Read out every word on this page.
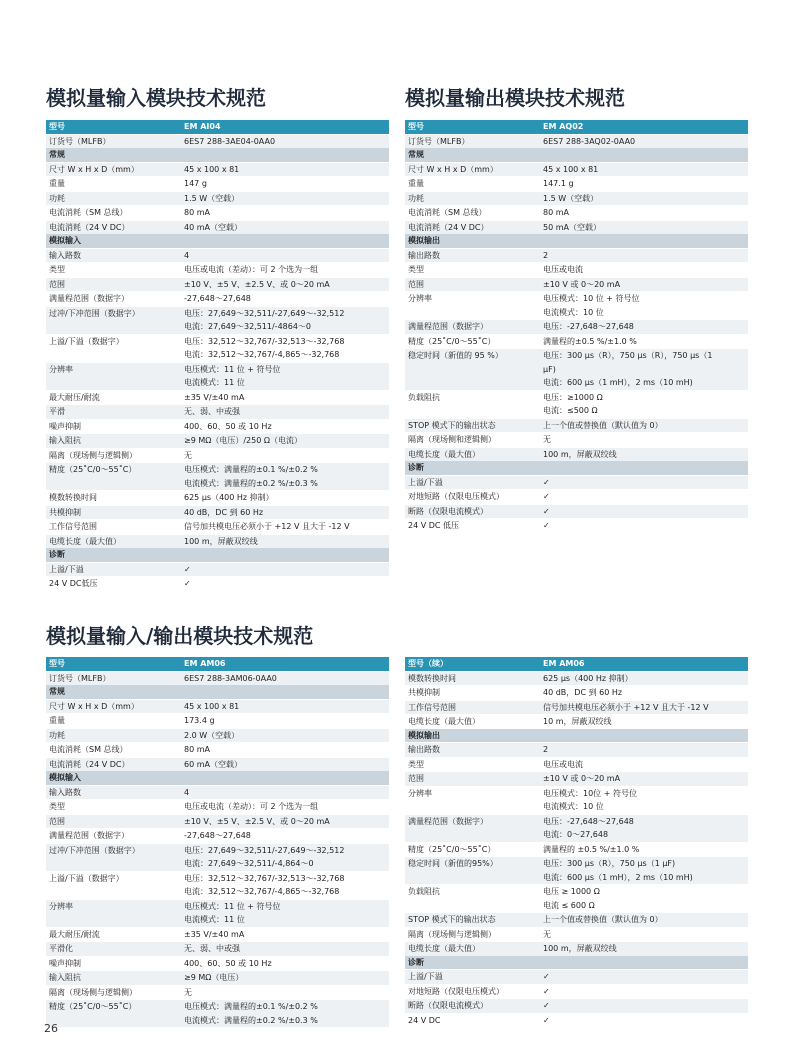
模拟量输入模块技术规范
型号	EM AI04
订货号（MLFB）	6ES7 288-3AE04-0AA0
常规	
尺寸 W x H x D（mm）	45 x 100 x 81
重量	147 g
功耗	1.5 W（空载）
电流消耗（SM 总线）	80 mA
电流消耗（24 V DC）	40 mA（空载）
模拟输入	
输入路数	4
类型	电压或电流（差动）：可 2 个选为一组
范围	±10 V、±5 V、±2.5 V、或 0～20 mA
满量程范围（数据字）	-27,648～27,648
过冲/下冲范围（数据字）	电压：27,649～32,511/-27,649～-32,512
	电流：27,649～32,511/-4864～0
上溢/下溢（数据字）	电压：32,512～32,767/-32,513～-32,768
	电流：32,512～32,767/-4,865～-32,768
分辨率	电压模式：11 位 + 符号位
	电流模式：11 位
最大耐压/耐流	±35 V/±40 mA
平滑	无、弱、中或强
噪声抑制	400、60、50 或 10 Hz
输入阻抗	≥9 MΩ（电压）/250 Ω（电流）
隔离（现场侧与逻辑侧）	无
精度（25˚C/0～55˚C）	电压模式：满量程的±0.1 %/±0.2 %
	电流模式：满量程的±0.2 %/±0.3 %
模数转换时间	625 μs（400 Hz 抑制）
共模抑制	40 dB，DC 到 60 Hz
工作信号范围	信号加共模电压必须小于 +12 V 且大于 -12 V
电缆长度（最大值）	100 m，屏蔽双绞线
诊断	
上溢/下溢	✓
24 V DC低压	✓
模拟量输出模块技术规范
型号	EM AQ02
订货号（MLFB）	6ES7 288-3AQ02-0AA0
常规	
尺寸 W x H x D（mm）	45 x 100 x 81
重量	147.1 g
功耗	1.5 W（空载）
电流消耗（SM 总线）	80 mA
电流消耗（24 V DC）	50 mA（空载）
模拟输出	
输出路数	2
类型	电压或电流
范围	±10 V 或 0～20 mA
分辨率	电压模式：10 位 + 符号位
	电流模式：10 位
满量程范围（数据字）	电压：-27,648～27,648
精度（25˚C/0～55˚C）	满量程的±0.5 %/±1.0 %
稳定时间（新值的 95 %）	电压：300 μs（R），750 μs（R），750 μs（1
	μF)
	电流：600 μs（1 mH），2 ms（10 mH)
负载阻抗	电压：≥1000 Ω
	电流：≤500 Ω
STOP 模式下的输出状态	上一个值或替换值（默认值为 0）
隔离（现场侧和逻辑侧）	无
电缆长度（最大值）	100 m，屏蔽双绞线
诊断	
上溢/下溢	✓
对地短路（仅限电压模式）	✓
断路（仅限电流模式）	✓
24 V DC 低压	✓
模拟量输入/输出模块技术规范
型号	EM AM06
订货号（MLFB）	6ES7 288-3AM06-0AA0
常规	
尺寸 W x H x D（mm）	45 x 100 x 81
重量	173.4 g
功耗	2.0 W（空载）
电流消耗（SM 总线）	80 mA
电流消耗（24 V DC）	60 mA（空载）
模拟输入	
输入路数	4
类型	电压或电流（差动）：可 2 个选为一组
范围	±10 V、±5 V、±2.5 V、或 0～20 mA
满量程范围（数据字）	-27,648～27,648
过冲/下冲范围（数据字）	电压：27,649～32,511/-27,649～-32,512
	电流：27,649～32,511/-4,864～0
上溢/下溢（数据字）	电压：32,512～32,767/-32,513～-32,768
	电流：32,512～32,767/-4,865～-32,768
分辨率	电压模式：11 位 + 符号位
	电流模式：11 位
最大耐压/耐流	±35 V/±40 mA
平滑化	无、弱、中或强
噪声抑制	400、60、50 或 10 Hz
输入阻抗	≥9 MΩ（电压）
隔离（现场侧与逻辑侧）	无
精度（25˚C/0～55˚C）	电压模式：满量程的±0.1 %/±0.2 %
	电流模式：满量程的±0.2 %/±0.3 %
型号（续）	EM AM06
模数转换时间	625 μs（400 Hz 抑制）
共模抑制	40 dB，DC 到 60 Hz
工作信号范围	信号加共模电压必须小于 +12 V 且大于 -12 V
电缆长度（最大值）	10 m，屏蔽双绞线
模拟输出	
输出路数	2
类型	电压或电流
范围	±10 V 或 0～20 mA
分辨率	电压模式：10位 + 符号位
	电流模式：10 位
满量程范围（数据字）	电压：-27,648～27,648
	电流：0～27,648
精度（25˚C/0～55˚C）	满量程的 ±0.5 %/±1.0 %
稳定时间（新值的95%）	电压：300 μs（R），750 μs（1 μF)
	电流：600 μs（1 mH），2 ms（10 mH)
负载阻抗	电压 ≥ 1000 Ω
	电流 ≤ 600 Ω
STOP 模式下的输出状态	上一个值或替换值（默认值为 0）
隔离（现场侧与逻辑侧）	无
电缆长度（最大值）	100 m，屏蔽双绞线
诊断	
上溢/下溢	✓
对地短路（仅限电压模式）	✓
断路（仅限电流模式）	✓
24 V DC	✓
26
